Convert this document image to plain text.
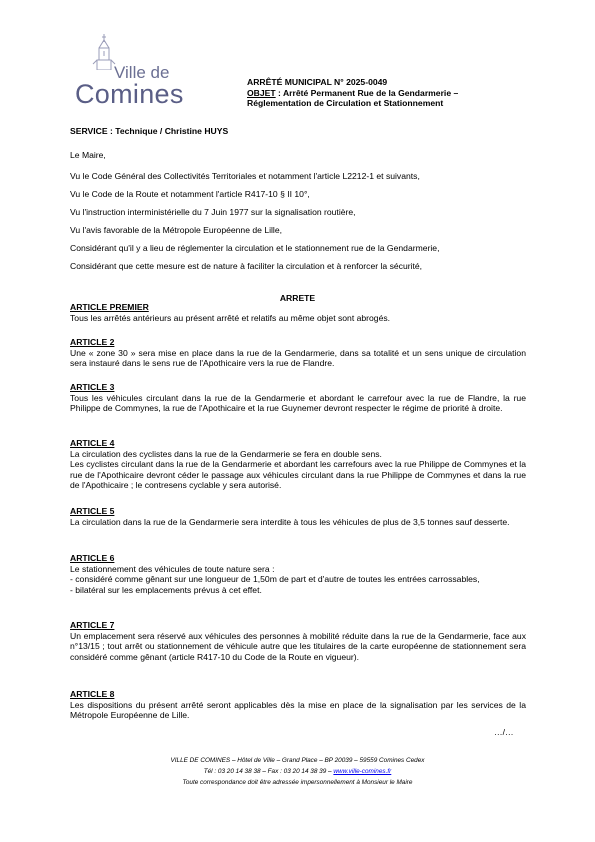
Ville de
Comines	ARRÊTÉ MUNICIPAL N° 2025-0049
OBJET : Arrêté Permanent Rue de la Gendarmerie –
Réglementation de Circulation et Stationnement
SERVICE : Technique / Christine HUYS
Le Maire,
Vu le Code Général des Collectivités Territoriales et notamment l'article L2212-1 et suivants,
Vu le Code de la Route et notamment l'article R417-10 § II 10°,
Vu l'instruction interministérielle du 7 Juin 1977 sur la signalisation routière,
Vu l'avis favorable de la Métropole Européenne de Lille,
Considérant qu'il y a lieu de réglementer la circulation et le stationnement rue de la Gendarmerie,
Considérant que cette mesure est de nature à faciliter la circulation et à renforcer la sécurité,
ARRETE
ARTICLE PREMIER

Tous les arrêtés antérieurs au présent arrêté et relatifs au même objet sont abrogés.

ARTICLE 2

Une « zone 30 » sera mise en place dans la rue de la Gendarmerie, dans sa totalité et un sens unique de circulation sera instauré dans le sens rue de l'Apothicaire vers la rue de Flandre.

ARTICLE 3

Tous les véhicules circulant dans la rue de la Gendarmerie et abordant le carrefour avec la rue de Flandre, la rue Philippe de Commynes, la rue de l'Apothicaire et la rue Guynemer devront respecter le régime de priorité à droite.

ARTICLE 4

La circulation des cyclistes dans la rue de la Gendarmerie se fera en double sens.

Les cyclistes circulant dans la rue de la Gendarmerie et abordant les carrefours avec la rue Philippe de Commynes et la rue de l'Apothicaire devront céder le passage aux véhicules circulant dans la rue Philippe de Commynes et dans la rue de l'Apothicaire ; le contresens cyclable y sera autorisé.

ARTICLE 5

La circulation dans la rue de la Gendarmerie sera interdite à tous les véhicules de plus de 3,5 tonnes sauf desserte.

ARTICLE 6

Le stationnement des véhicules de toute nature sera :

- considéré comme gênant sur une longueur de 1,50m de part et d'autre de toutes les entrées carrossables,

- bilatéral sur les emplacements prévus à cet effet.

ARTICLE 7

Un emplacement sera réservé aux véhicules des personnes à mobilité réduite dans la rue de la Gendarmerie, face aux n°13/15 ; tout arrêt ou stationnement de véhicule autre que les titulaires de la carte européenne de stationnement sera considéré comme gênant (article R417-10 du Code de la Route en vigueur).

ARTICLE 8

Les dispositions du présent arrêté seront applicables dès la mise en place de la signalisation par les services de la Métropole Européenne de Lille.

…/…
VILLE DE COMINES – Hôtel de Ville – Grand Place – BP 20039 – 59559 Comines Cedex
Tél : 03 20 14 38 38 – Fax : 03 20 14 38 39 – www.ville-comines.fr
Toute correspondance doit être adressée impersonnellement à Monsieur le Maire
